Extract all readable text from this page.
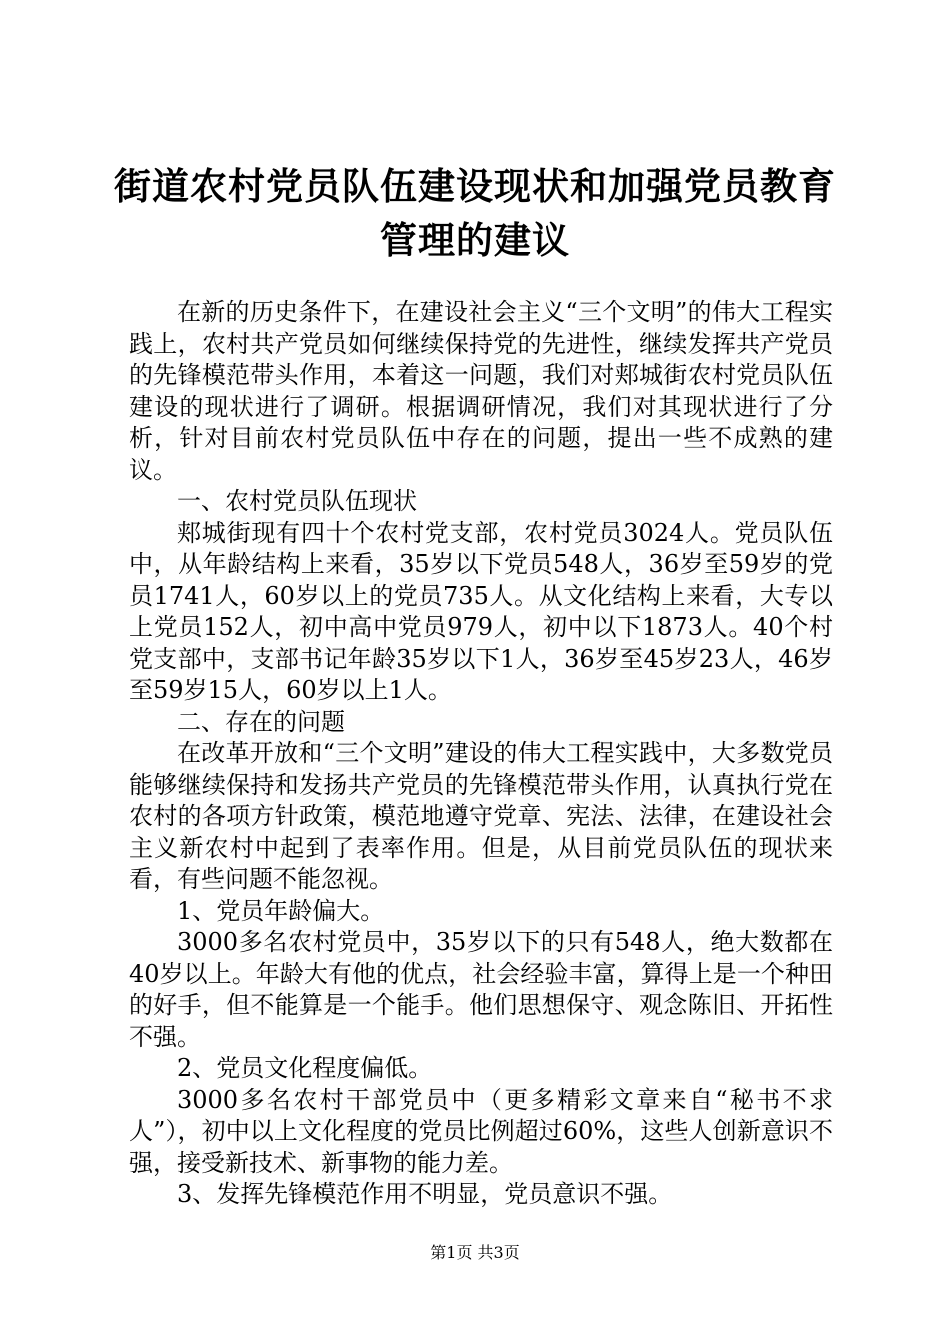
街道农村党员队伍建设现状和加强党员教育管理的建议

在新的历史条件下，在建设社会主义“三个文明”的伟大工程实践上，农村共产党员如何继续保持党的先进性，继续发挥共产党员的先锋模范带头作用，本着这一问题，我们对郏城街农村党员队伍建设的现状进行了调研。根据调研情况，我们对其现状进行了分析，针对目前农村党员队伍中存在的问题，提出一些不成熟的建议。

一、农村党员队伍现状

郏城街现有四十个农村党支部，农村党员3024人。党员队伍中，从年龄结构上来看，35岁以下党员548人，36岁至59岁的党员1741人，60岁以上的党员735人。从文化结构上来看，大专以上党员152人，初中高中党员979人，初中以下1873人。40个村党支部中，支部书记年龄35岁以下1人，36岁至45岁23人，46岁至59岁15人，60岁以上1人。

二、存在的问题

在改革开放和“三个文明”建设的伟大工程实践中，大多数党员能够继续保持和发扬共产党员的先锋模范带头作用，认真执行党在农村的各项方针政策，模范地遵守党章、宪法、法律，在建设社会主义新农村中起到了表率作用。但是，从目前党员队伍的现状来看，有些问题不能忽视。

1、党员年龄偏大。

3000多名农村党员中，35岁以下的只有548人，绝大数都在40岁以上。年龄大有他的优点，社会经验丰富，算得上是一个种田的好手，但不能算是一个能手。他们思想保守、观念陈旧、开拓性不强。

2、党员文化程度偏低。

3000多名农村干部党员中（更多精彩文章来自“秘书不求人”），初中以上文化程度的党员比例超过60%，这些人创新意识不强，接受新技术、新事物的能力差。

3、发挥先锋模范作用不明显，党员意识不强。

第1页 共3页
